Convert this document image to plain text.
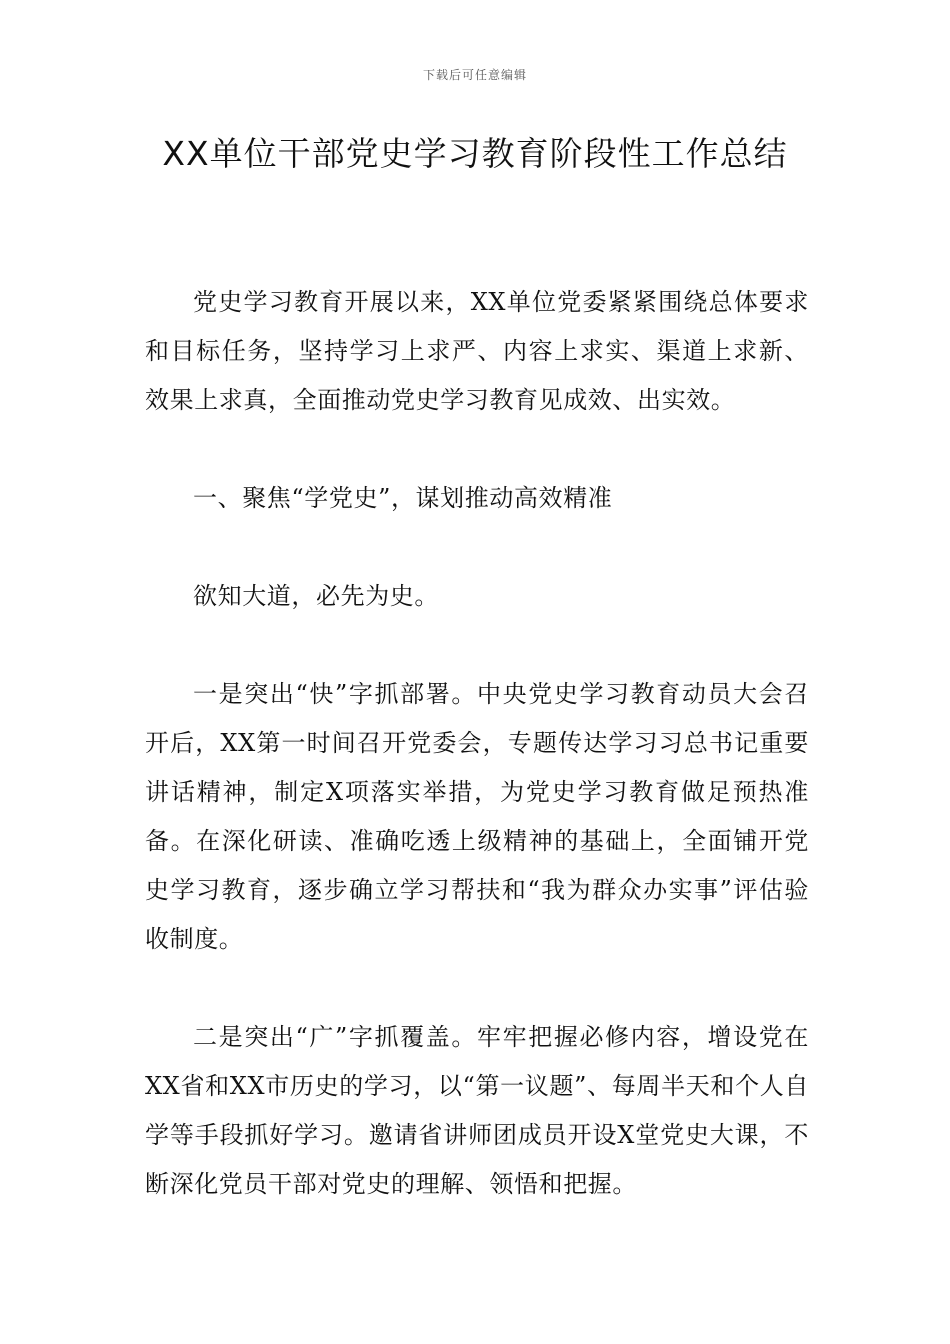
下载后可任意编辑
XX单位干部党史学习教育阶段性工作总结

党史学习教育开展以来，XX单位党委紧紧围绕总体要求和目标任务，坚持学习上求严、内容上求实、渠道上求新、效果上求真，全面推动党史学习教育见成效、出实效。

一、聚焦“学党史”，谋划推动高效精准

欲知大道，必先为史。

一是突出“快”字抓部署。中央党史学习教育动员大会召开后，XX第一时间召开党委会，专题传达学习习总书记重要讲话精神，制定X项落实举措，为党史学习教育做足预热准备。在深化研读、准确吃透上级精神的基础上，全面铺开党史学习教育，逐步确立学习帮扶和“我为群众办实事”评估验收制度。

二是突出“广”字抓覆盖。牢牢把握必修内容，增设党在XX省和XX市历史的学习，以“第一议题”、每周半天和个人自学等手段抓好学习。邀请省讲师团成员开设X堂党史大课，不断深化党员干部对党史的理解、领悟和把握。
